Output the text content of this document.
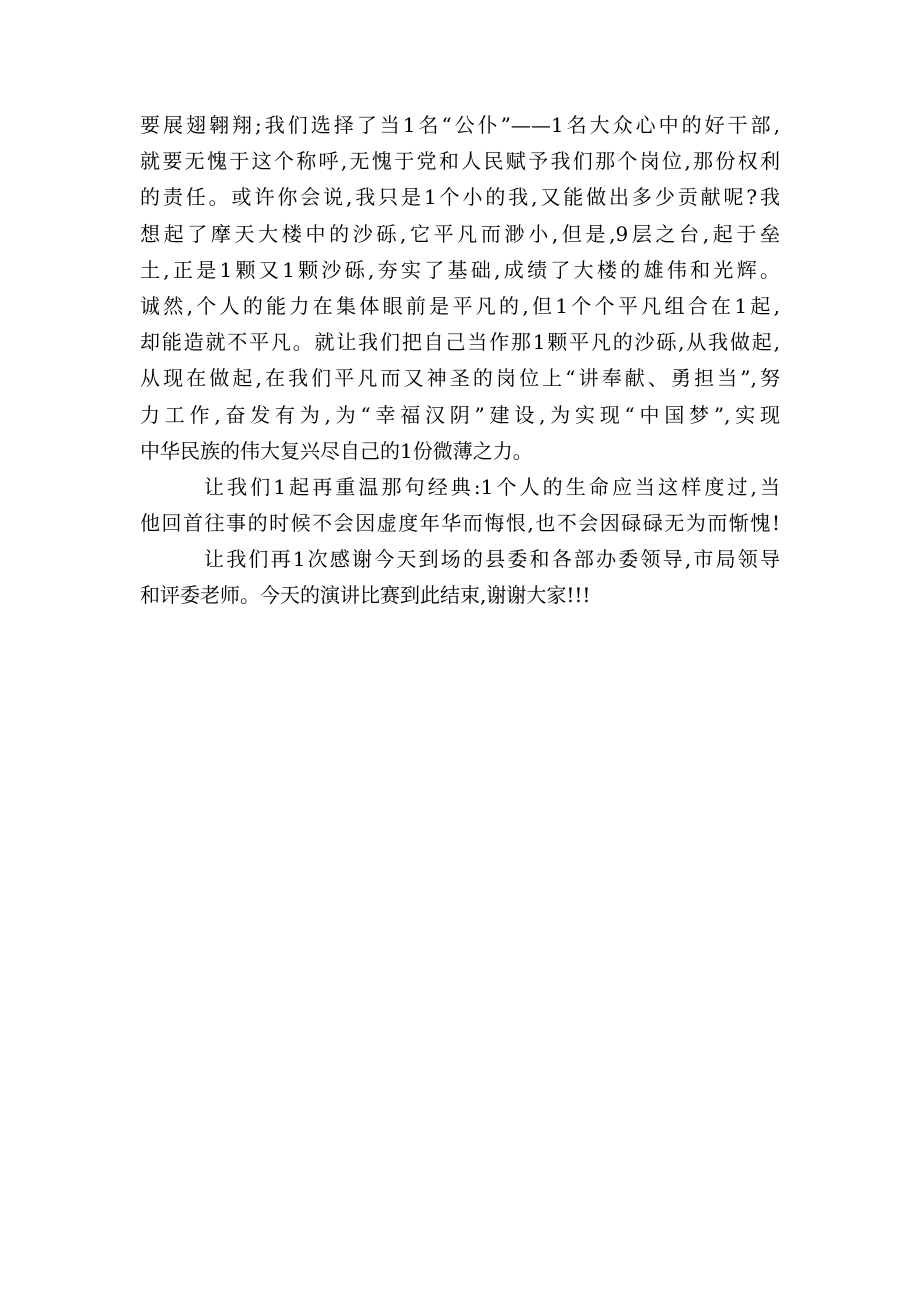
要展翅翱翔;我们选择了当1名“公仆”——1名大众心中的好干部,
就要无愧于这个称呼,无愧于党和人民赋予我们那个岗位,那份权利
的责任。或许你会说,我只是1个小的我,又能做出多少贡献呢?我
想起了摩天大楼中的沙砾,它平凡而渺小,但是,9层之台,起于垒
土,正是1颗又1颗沙砾,夯实了基础,成绩了大楼的雄伟和光辉。
诚然,个人的能力在集体眼前是平凡的,但1个个平凡组合在1起,
却能造就不平凡。就让我们把自己当作那1颗平凡的沙砾,从我做起,
从现在做起,在我们平凡而又神圣的岗位上“讲奉献、勇担当”,努
力工作,奋发有为,为“幸福汉阴”建设,为实现“中国梦”,实现
中华民族的伟大复兴尽自己的1份微薄之力。
让我们1起再重温那句经典:1个人的生命应当这样度过,当
他回首往事的时候不会因虚度年华而悔恨,也不会因碌碌无为而惭愧!
让我们再1次感谢今天到场的县委和各部办委领导,市局领导
和评委老师。今天的演讲比赛到此结束,谢谢大家!!!
